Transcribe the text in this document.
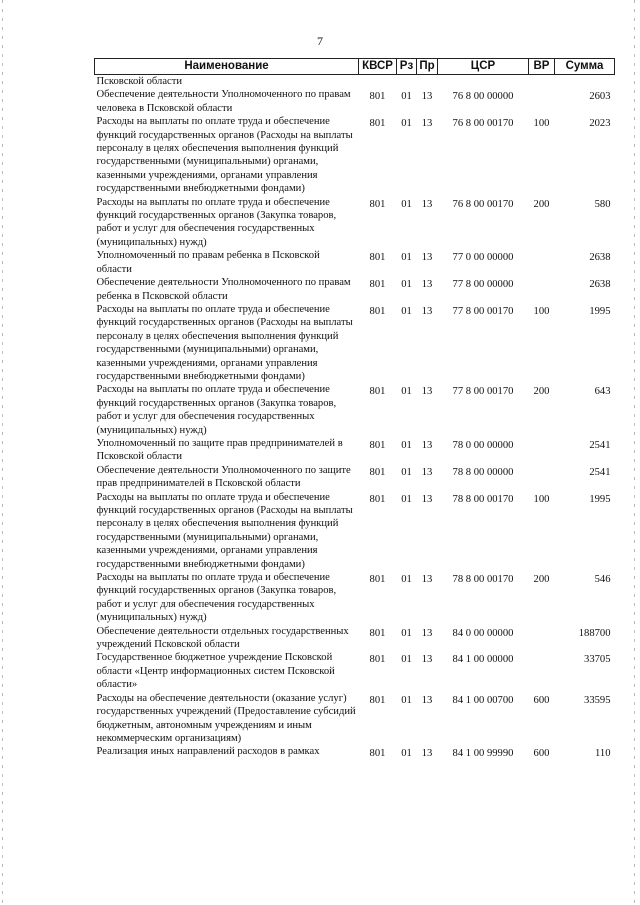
7
Наименование	КВСР	Рз	Пр	ЦСР	ВР	Сумма
Псковской области						
Обеспечение деятельности Уполномоченного по правам человека в Псковской области	801	01	13	76 8 00 00000		2603
Расходы на выплаты по оплате труда и обеспечение функций государственных органов (Расходы на выплаты персоналу в целях обеспечения выполнения функций государственными (муниципальными) органами, казенными учреждениями, органами управления государственными внебюджетными фондами)	801	01	13	76 8 00 00170	100	2023
Расходы на выплаты по оплате труда и обеспечение функций государственных органов (Закупка товаров, работ и услуг для обеспечения государственных (муниципальных) нужд)	801	01	13	76 8 00 00170	200	580
Уполномоченный по правам ребенка в Псковской области	801	01	13	77 0 00 00000		2638
Обеспечение деятельности Уполномоченного по правам ребенка в Псковской области	801	01	13	77 8 00 00000		2638
Расходы на выплаты по оплате труда и обеспечение функций государственных органов (Расходы на выплаты персоналу в целях обеспечения выполнения функций государственными (муниципальными) органами, казенными учреждениями, органами управления государственными внебюджетными фондами)	801	01	13	77 8 00 00170	100	1995
Расходы на выплаты по оплате труда и обеспечение функций государственных органов (Закупка товаров, работ и услуг для обеспечения государственных (муниципальных) нужд)	801	01	13	77 8 00 00170	200	643
Уполномоченный по защите прав предпринимателей в Псковской области	801	01	13	78 0 00 00000		2541
Обеспечение деятельности Уполномоченного по защите прав предпринимателей в Псковской области	801	01	13	78 8 00 00000		2541
Расходы на выплаты по оплате труда и обеспечение функций государственных органов (Расходы на выплаты персоналу в целях обеспечения выполнения функций государственными (муниципальными) органами, казенными учреждениями, органами управления государственными внебюджетными фондами)	801	01	13	78 8 00 00170	100	1995
Расходы на выплаты по оплате труда и обеспечение функций государственных органов (Закупка товаров, работ и услуг для обеспечения государственных (муниципальных) нужд)	801	01	13	78 8 00 00170	200	546
Обеспечение деятельности отдельных государственных учреждений Псковской области	801	01	13	84 0 00 00000		188700
Государственное бюджетное учреждение Псковской области «Центр информационных систем Псковской области»	801	01	13	84 1 00 00000		33705
Расходы на обеспечение деятельности (оказание услуг) государственных учреждений (Предоставление субсидий бюджетным, автономным учреждениям и иным некоммерческим организациям)	801	01	13	84 1 00 00700	600	33595
Реализация иных направлений расходов в рамках	801	01	13	84 1 00 99990	600	110
